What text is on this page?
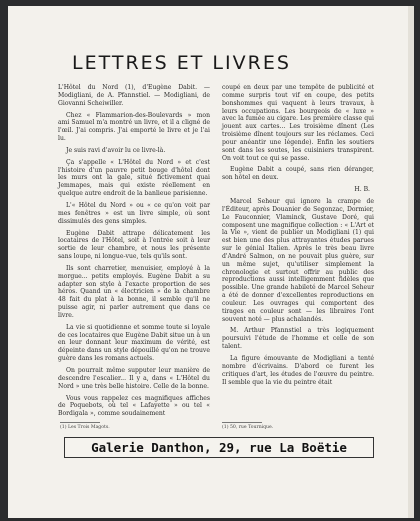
LETTRES ET LIVRES

L'Hôtel du Nord (1), d'Eugène Dabit. — Modigliani, de A. Pfannstiel. — Modigliani, de Giovanni Scheiwiller.

Chez « Flammarion-des-Boulevards » mon ami Samuel m'a montré un livre, et il a cligné de l'œil. J'ai compris. J'ai emporté le livre et je l'ai lu.

Je suis ravi d'avoir lu ce livre-là.

Ça s'appelle « L'Hôtel du Nord » et c'est l'histoire d'un pauvre petit bouge d'hôtel dont les murs ont la gale, situé fictivement quai Jemmapes, mais qui existe réellement en quelque autre endroit de la banlieue parisienne.

L'« Hôtel du Nord » ou « ce qu'on voit par mes fenêtres » est un livre simple, où sont dissimulés des gens simples.

Eugène Dabit attrape délicatement les locataires de l'Hôtel, soit à l'entrée soit à leur sortie de leur chambre, et nous les présente sans loupe, ni longue-vue, tels qu'ils sont.

Ils sont charretier, menuisier, employé à la morgue... petits employés. Eugène Dabit a su adapter son style à l'exacte proportion de ses héros. Quand un « électricien » de la chambre 48 fait du plat à la bonne, il semble qu'il ne puisse agir, ni parler autrement que dans ce livre.

La vie si quotidienne et somme toute si loyale de ces locataires que Eugène Dabit situe un à un en leur donnant leur maximum de vérité, est dépeinte dans un style dépouillé qu'on ne trouve guère dans les romans actuels.

On pourrait même supputer leur manière de descendre l'escalier... Il y a, dans « L'Hôtel du Nord » une très belle histoire. Celle de la bonne.

Vous vous rappelez ces magnifiques affiches de Poquebots, où tel « Lafayette » ou tel « Bordigala », comme soudainement

coupé en deux par une tempête de publicité et comme surpris tout vif en coupe, des petits bonshommes qui vaquent à leurs travaux, à leurs occupations. Les bourgeois de « luxe » avec la fumée au cigare. Les première classe qui jouent aux cartes... Les troisième dînent (Les troisième dînent toujours sur les réclames. Ceci pour anéantir une légende). Enfin les soutiers sont dans les soutes, les cuisiniers transpirent. On voit tout ce qui se passe.

Eugène Dabit a coupé, sans rien déranger, son hôtel en deux.

H. B.

Marcel Seheur qui ignore la crampe de l'Éditeur, après Douanier de Segonzac, Dormier, Le Fauconnier, Vlaminck, Gustave Doré, qui composent une magnifique collection : « L'Art et la Vie », vient de publier un Modigliani (1) qui est bien une des plus attrayantes études parues sur le génial Italien. Après le très beau livre d'André Salmon, on ne pouvait plus guère, sur un même sujet, qu'utiliser simplement la chronologie et surtout offrir au public des reproductions aussi intelligemment fidèles que possible. Une grande habileté de Marcel Seheur a été de donner d'excellentes reproductions en couleur. Les ouvrages qui comportent des tirages en couleur sont — les libraires l'ont souvent noté — plus achalandés.

M. Arthur Pfannstiel a très logiquement poursuivi l'étude de l'homme et celle de son talent.

La figure émouvante de Modigliani a tenté nombre d'écrivains. D'abord ce furent les critiques d'art, les études de l'œuvre du peintre. Il semble que la vie du peintre était

(1) Les Trois Magots.	(1) 50, rue Tournique.
Galerie Danthon, 29, rue La Boëtie
